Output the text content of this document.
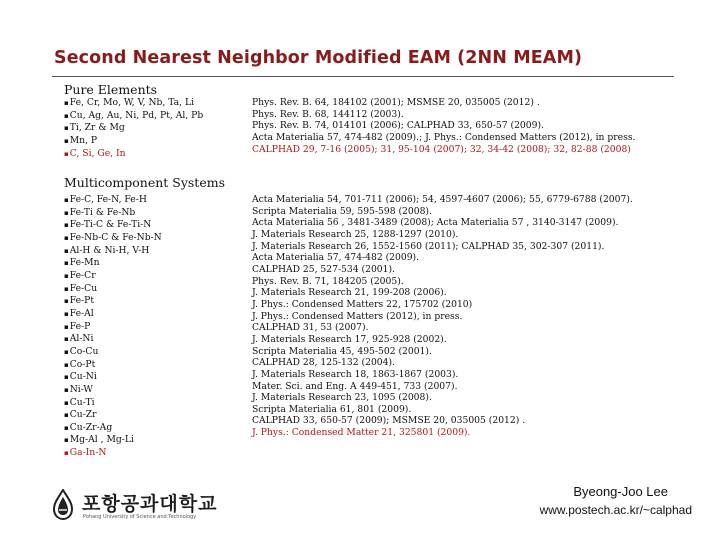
Second Nearest Neighbor Modified EAM (2NN MEAM)
Pure Elements
▪ Fe, Cr, Mo, W, V, Nb, Ta, Li
▪ Cu, Ag, Au, Ni, Pd, Pt, Al, Pb
▪ Ti, Zr & Mg
▪ Mn, P
▪ C, Si, Ge, In
Phys. Rev. B. 64, 184102 (2001); MSMSE 20, 035005 (2012) .
Phys. Rev. B. 68, 144112 (2003).
Phys. Rev. B. 74, 014101 (2006); CALPHAD 33, 650-57 (2009).
Acta Materialia 57, 474-482 (2009).; J. Phys.: Condensed Matters (2012), in press.
CALPHAD 29, 7-16 (2005); 31, 95-104 (2007); 32, 34-42 (2008); 32, 82-88 (2008)
Multicomponent Systems
▪ Fe-C, Fe-N, Fe-H
▪ Fe-Ti & Fe-Nb
▪ Fe-Ti-C & Fe-Ti-N
▪ Fe-Nb-C & Fe-Nb-N
▪ Al-H & Ni-H, V-H
▪ Fe-Mn
▪ Fe-Cr
▪ Fe-Cu
▪ Fe-Pt
▪ Fe-Al
▪ Fe-P
▪ Al-Ni
▪ Co-Cu
▪ Co-Pt
▪ Cu-Ni
▪ Ni-W
▪ Cu-Ti
▪ Cu-Zr
▪ Cu-Zr-Ag
▪ Mg-Al , Mg-Li
▪ Ga-In-N
Acta Materialia 54, 701-711 (2006); 54, 4597-4607 (2006); 55, 6779-6788 (2007).
Scripta Materialia 59, 595-598 (2008).
Acta Materialia 56 , 3481-3489 (2008); Acta Materialia 57 , 3140-3147 (2009).
J. Materials Research 25, 1288-1297 (2010).
J. Materials Research 26, 1552-1560 (2011); CALPHAD 35, 302-307 (2011).
Acta Materialia 57, 474-482 (2009).
CALPHAD 25, 527-534 (2001).
Phys. Rev. B. 71, 184205 (2005).
J. Materials Research 21, 199-208 (2006).
J. Phys.: Condensed Matters 22, 175702 (2010)
J. Phys.: Condensed Matters (2012), in press.
CALPHAD 31, 53 (2007).
J. Materials Research 17, 925-928 (2002).
Scripta Materialia 45, 495-502 (2001).
CALPHAD 28, 125-132 (2004).
J. Materials Research 18, 1863-1867 (2003).
Mater. Sci. and Eng. A 449-451, 733 (2007).
J. Materials Research 23, 1095 (2008).
Scripta Materialia 61, 801 (2009).
CALPHAD 33, 650-57 (2009); MSMSE 20, 035005 (2012) .
J. Phys.: Condensed Matter 21, 325801 (2009).
포항공과대학교
Pohang University of Science and Technology
Byeong-Joo Lee
www.postech.ac.kr/~calphad
